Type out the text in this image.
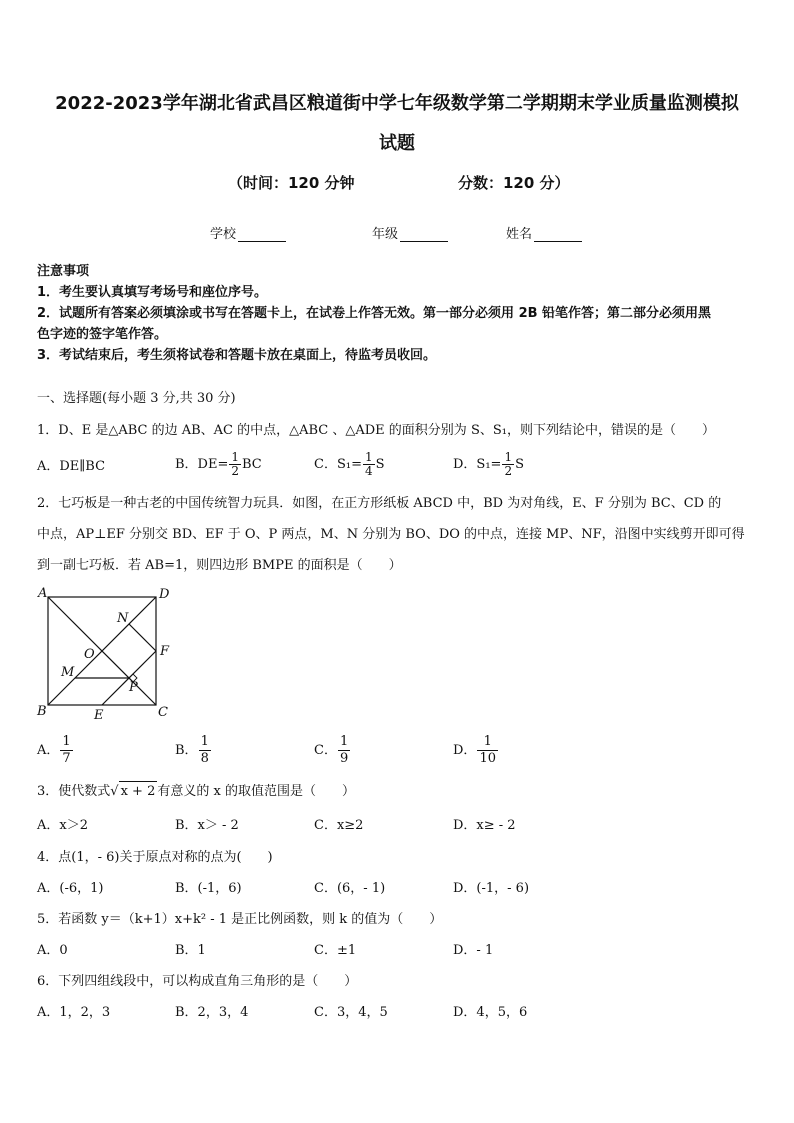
2022-2023学年湖北省武昌区粮道街中学七年级数学第二学期期末学业质量监测模拟
试题
（时间：120 分钟	分数：120 分）
学校	年级	姓名
注意事项
1．考生要认真填写考场号和座位序号。
2．试题所有答案必须填涂或书写在答题卡上，在试卷上作答无效。第一部分必须用 2B 铅笔作答；第二部分必须用黑
色字迹的签字笔作答。
3．考试结束后，考生须将试卷和答题卡放在桌面上，待监考员收回。
一、选择题(每小题 3 分,共 30 分)
1．D、E 是△ABC 的边 AB、AC 的中点，△ABC 、△ADE 的面积分别为 S、S₁，则下列结论中，错误的是（　　）
A．DE∥BC	B．$DE= \frac{1}{2}$ BC	C．$S_1= \frac{1}{4}$ S	D．$S_1= \frac{1}{2}$ S
2．七巧板是一种古老的中国传统智力玩具．如图，在正方形纸板 ABCD 中，BD 为对角线，E、F 分别为 BC、CD 的
中点，AP⊥EF 分别交 BD、EF 于 O、P 两点，M、N 分别为 BO、DO 的中点，连接 MP、NF，沿图中实线剪开即可得
到一副七巧板．若 AB=1，则四边形 BMPE 的面积是（　　）
A	D
B	C
E
F
M
N
O
P
A． $\frac{1}{7}$	B． $\frac{1}{8}$	C． $\frac{1}{9}$	D． $\frac{1}{10}$
3．使代数式√ x + 2 有意义的 x 的取值范围是（　　）
A．x＞2	B．x＞ - 2	C．x≥2	D．x≥ - 2
4．点(1，- 6)关于原点对称的点为(　　)
A．(-6，1)	B．(-1，6)	C．(6，- 1)	D．(-1，- 6)
5．若函数 y＝（k+1）x+k² - 1 是正比例函数，则 k 的值为（　　）
A．0	B．1	C．±1	D．- 1
6．下列四组线段中，可以构成直角三角形的是（　　）
A．1，2，3	B．2，3，4	C．3，4，5	D．4，5，6
